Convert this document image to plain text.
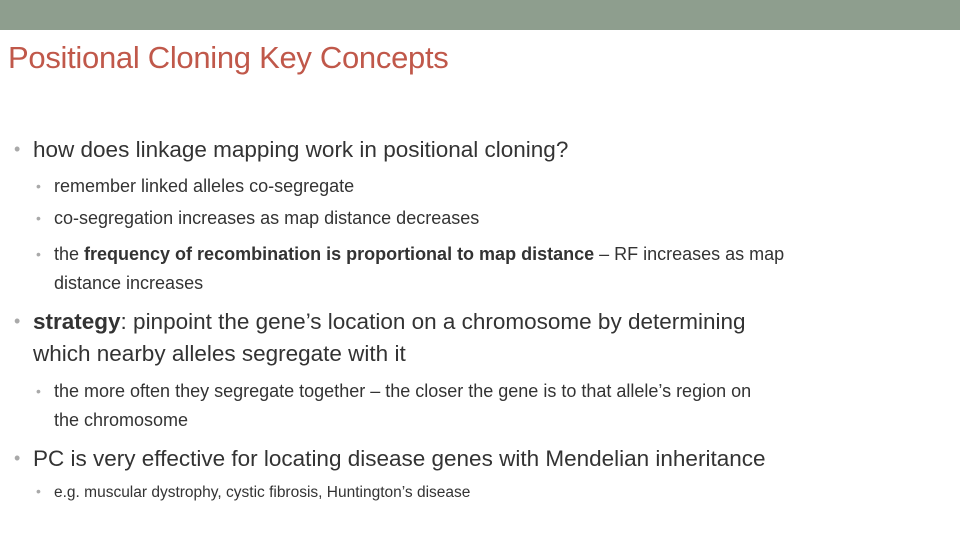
Positional Cloning Key Concepts
• how does linkage mapping work in positional cloning?
• remember linked alleles co-segregate
• co-segregation increases as map distance decreases
• the frequency of recombination is proportional to map distance – RF increases as map
distance increases
• strategy: pinpoint the gene’s location on a chromosome by determining
which nearby alleles segregate with it
• the more often they segregate together – the closer the gene is to that allele’s region on
the chromosome
• PC is very effective for locating disease genes with Mendelian inheritance
• e.g. muscular dystrophy, cystic fibrosis, Huntington’s disease
